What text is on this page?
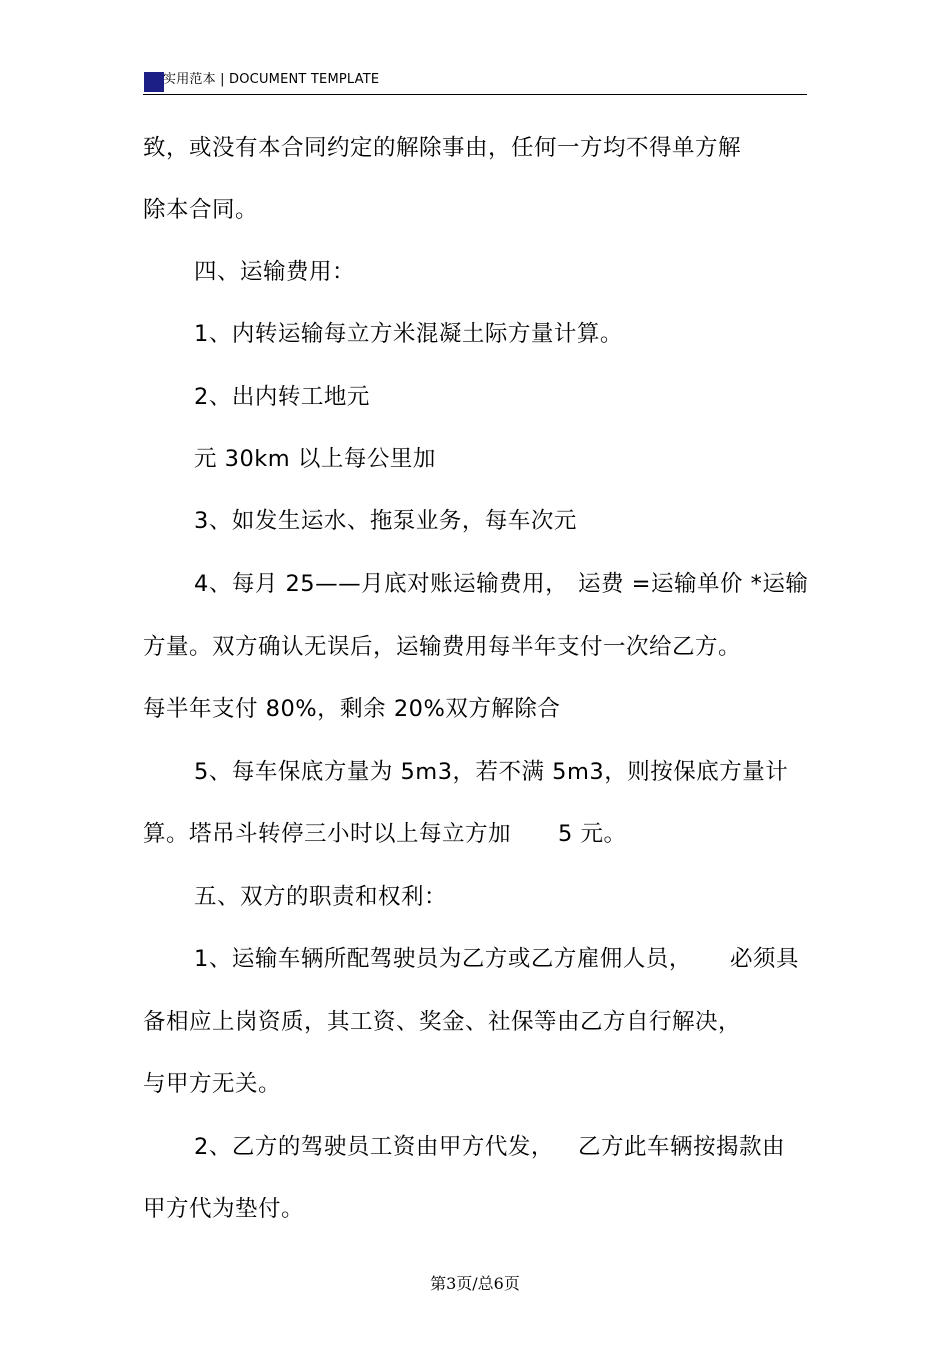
实用范本 | DOCUMENT TEMPLATE
致，或没有本合同约定的解除事由，任何一方均不得单方解
除本合同。
四、运输费用：
1、内转运输每立方米混凝土际方量计算。
2、出内转工地元
元 30km 以上每公里加
3、如发生运水、拖泵业务，每车次元
4、每月 25——月底对账运输费用， 运费 =运输单价 *运输
方量。双方确认无误后，运输费用每半年支付一次给乙方。
每半年支付 80%，剩余 20%双方解除合
5、每车保底方量为 5m3，若不满 5m3，则按保底方量计
算。塔吊斗转停三小时以上每立方加 5 元。
五、双方的职责和权利：
1、运输车辆所配驾驶员为乙方或乙方雇佣人员， 必须具
备相应上岗资质，其工资、奖金、社保等由乙方自行解决，
与甲方无关。
2、乙方的驾驶员工资由甲方代发， 乙方此车辆按揭款由
甲方代为垫付。
第3页/总6页
